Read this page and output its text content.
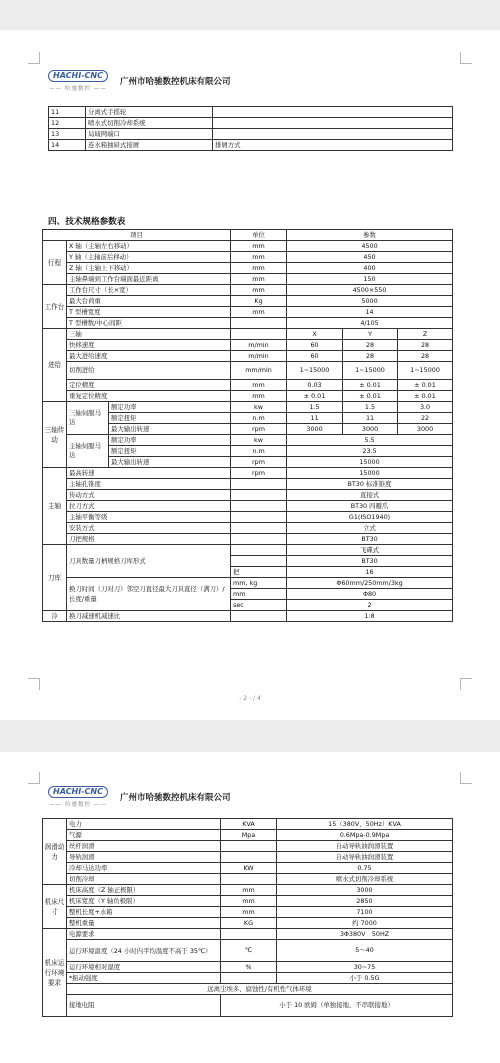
HACHI-CNC
—— 哈驰数控 ——
广州市哈驰数控机床有限公司
11	分离式手摇轮	
12	喷水式切削冷却系统	
13	局域网端口	
14	连水箱抽屉式接屑	排屑方式
四、技术规格参数表
项目			单位	参数		
行程	X 轴（主轴左右移动）		mm	4500		
	Y 轴（主轴前后移动）		mm	450		
	Z 轴（主轴上下移动）		mm	400		
	主轴鼻端到工作台端面最近距离		mm	150		
工作台	工作台尺寸（长×宽）		mm	4500×550		
	最大台荷重		Kg	5000		
	T 型槽宽度		mm	14		
	T 型槽数/中心间距			4/105		
进给	三轴			X	Y	Z
	快移速度		m/min	60	28	28
	最大进给速度		m/min	60	28	28
	切削进给		mm/min	1~15000	1~15000	1~15000
	定位精度		mm	0.03	± 0.01	± 0.01
	重复定位精度		mm	± 0.01	± 0.01	± 0.01
三轴传动	三轴伺服马达	额定功率	kw	1.5	1.5	3.0
		额定扭矩	n.m	11	11	22
		最大输出转速	rpm	3000	3000	3000
	主轴伺服马达	额定功率	kw	5.5		
		额定扭矩	n.m	23.5		
		最大输出转速	rpm	15000		
主轴	最高转速		rpm	15000		
	主轴孔锥度			BT30 标准锥度		
	传动方式			直接式		
	拉刀方式			BT30 四瓣爪		
	主轴平衡等级			G1(ISO1940)		
	安装方式			立式		
	刀把规格			BT30		
刀库	刀具数量刀柄规格刀库形式			飞碟式		
				BT30		
			把	16		
	换刀时间（刀对刀）邻空刀直径最大刀具直径（满刀）/长度/重量		mm, kg	Φ60mm/250mm/3kg		
			mm	Φ80		
			sec	2		
冷	换刀减速机减速比			1:8		
- 2 - / 4
HACHI-CNC
—— 哈驰数控 ——
广州市哈驰数控机床有限公司
润滑动力	电力	KVA	15（380V、50Hz）KVA
	气源	Mpa	0.6Mpa-0.9Mpa
	丝杆润滑		自动导轨油润滑装置
	导轨润滑		自动导轨油润滑装置
	冷却马达功率	KW	0.75
	切削冷却		喷水式切削冷却系统
机床尺寸	机床高度（Z 轴正极限）	mm	3000
	机床宽度（Y 轴负极限）	mm	2850
	整机长度+水箱	mm	7100
	整机重量	KG	约 7000
机床运行环境要求	电源要求		3Φ380V　50HZ
	运行环境温度（24 小时内平均温度不高于 35℃）	℃	5～40
	运行环境相对湿度	%	30~75
	*振动强度		小于 0.5G
	远离尘埃多、腐蚀性/有机性气体环境		
	接地电阻	小于 10 欧姆（单独接地、不串联接地）	
